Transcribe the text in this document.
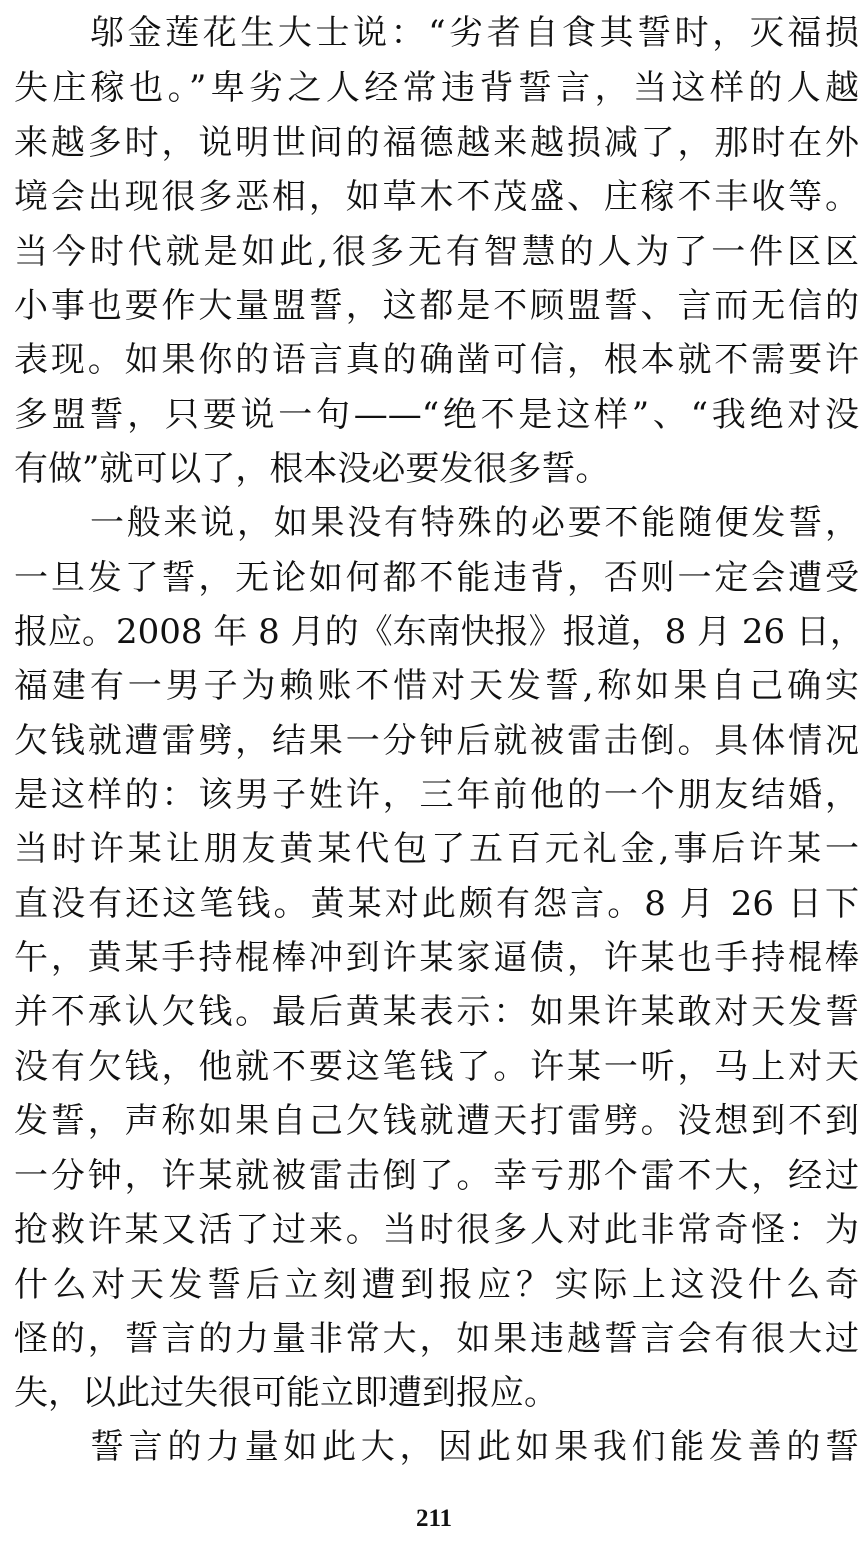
邬金莲花生大士说：“劣者自食其誓时，灭福损
失庄稼也。”卑劣之人经常违背誓言，当这样的人越
来越多时，说明世间的福德越来越损减了，那时在外
境会出现很多恶相，如草木不茂盛、庄稼不丰收等。
当今时代就是如此,很多无有智慧的人为了一件区区
小事也要作大量盟誓，这都是不顾盟誓、言而无信的
表现。如果你的语言真的确凿可信，根本就不需要许
多盟誓，只要说一句——“绝不是这样”、“我绝对没
有做”就可以了，根本没必要发很多誓。
一般来说，如果没有特殊的必要不能随便发誓，
一旦发了誓，无论如何都不能违背，否则一定会遭受
报应。2008 年 8 月的《东南快报》报道，8 月 26 日，
福建有一男子为赖账不惜对天发誓,称如果自己确实
欠钱就遭雷劈，结果一分钟后就被雷击倒。具体情况
是这样的：该男子姓许，三年前他的一个朋友结婚，
当时许某让朋友黄某代包了五百元礼金,事后许某一
直没有还这笔钱。黄某对此颇有怨言。8 月 26 日下
午，黄某手持棍棒冲到许某家逼债，许某也手持棍棒
并不承认欠钱。最后黄某表示：如果许某敢对天发誓
没有欠钱，他就不要这笔钱了。许某一听，马上对天
发誓，声称如果自己欠钱就遭天打雷劈。没想到不到
一分钟，许某就被雷击倒了。幸亏那个雷不大，经过
抢救许某又活了过来。当时很多人对此非常奇怪：为
什么对天发誓后立刻遭到报应？实际上这没什么奇
怪的，誓言的力量非常大，如果违越誓言会有很大过
失，以此过失很可能立即遭到报应。
誓言的力量如此大，因此如果我们能发善的誓
211
